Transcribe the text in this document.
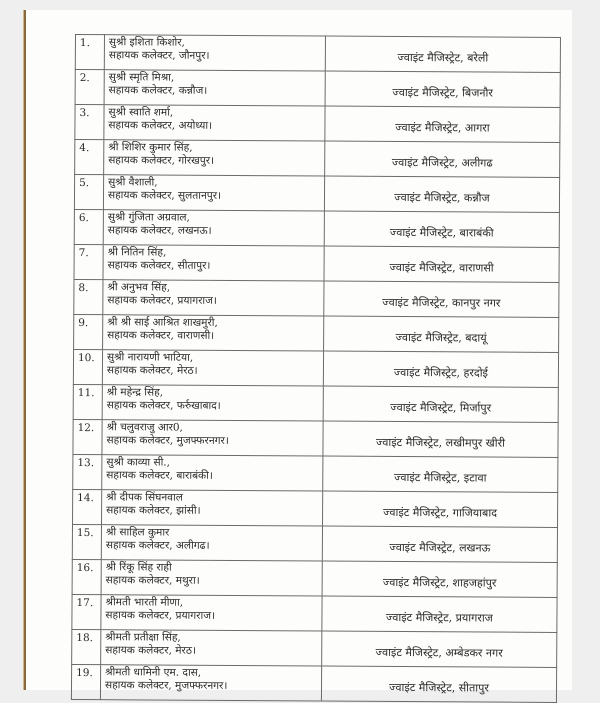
1.	सुश्री इशिता किशोर,
सहायक कलेक्टर, जौनपुर।	ज्वाइंट मैजिस्ट्रेट, बरेली
2.	सुश्री स्मृति मिश्रा,
सहायक कलेक्टर, कन्नौज।	ज्वाइंट मैजिस्ट्रेट, बिजनौर
3.	सुश्री स्वाति शर्मा,
सहायक कलेक्टर, अयोध्या।	ज्वाइंट मैजिस्ट्रेट, आगरा
4.	श्री शिशिर कुमार सिंह,
सहायक कलेक्टर, गोरखपुर।	ज्वाइंट मैजिस्ट्रेट, अलीगढ
5.	सुश्री वैशाली,
सहायक कलेक्टर, सुलतानपुर।	ज्वाइंट मैजिस्ट्रेट, कन्नौज
6.	सुश्री गुंजिता अग्रवाल,
सहायक कलेक्टर, लखनऊ।	ज्वाइंट मैजिस्ट्रेट, बाराबंकी
7.	श्री नितिन सिंह,
सहायक कलेक्टर, सीतापुर।	ज्वाइंट मैजिस्ट्रेट, वाराणसी
8.	श्री अनुभव सिंह,
सहायक कलेक्टर, प्रयागराज।	ज्वाइंट मैजिस्ट्रेट, कानपुर नगर
9.	श्री श्री साई आश्रित शाखमुरी,
सहायक कलेक्टर, वाराणसी।	ज्वाइंट मैजिस्ट्रेट, बदायूं
10.	सुश्री नारायणी भाटिया,
सहायक कलेक्टर, मेरठ।	ज्वाइंट मैजिस्ट्रेट, हरदोई
11.	श्री महेन्द्र सिंह,
सहायक कलेक्टर, फर्रुखाबाद।	ज्वाइंट मैजिस्ट्रेट, मिर्जापुर
12.	श्री चलुवराजु आर0,
सहायक कलेक्टर, मुजफ्फरनगर।	ज्वाइंट मैजिस्ट्रेट, लखीमपुर खीरी
13.	सुश्री काव्या सी.,
सहायक कलेक्टर, बाराबंकी।	ज्वाइंट मैजिस्ट्रेट, इटावा
14.	श्री दीपक सिंघनवाल
सहायक कलेक्टर, झांसी।	ज्वाइंट मैजिस्ट्रेट, गाजियाबाद
15.	श्री साहिल कुमार
सहायक कलेक्टर, अलीगढ।	ज्वाइंट मैजिस्ट्रेट, लखनऊ
16.	श्री रिंकू सिंह राही
सहायक कलेक्टर, मथुरा।	ज्वाइंट मैजिस्ट्रेट, शाहजहांपुर
17.	श्रीमती भारती मीणा,
सहायक कलेक्टर, प्रयागराज।	ज्वाइंट मैजिस्ट्रेट, प्रयागराज
18.	श्रीमती प्रतीक्षा सिंह,
सहायक कलेक्टर, मेरठ।	ज्वाइंट मैजिस्ट्रेट, अम्बेडकर नगर
19.	श्रीमती धामिनी एम. दास,
सहायक कलेक्टर, मुजफ्फरनगर।	ज्वाइंट मैजिस्ट्रेट, सीतापुर
